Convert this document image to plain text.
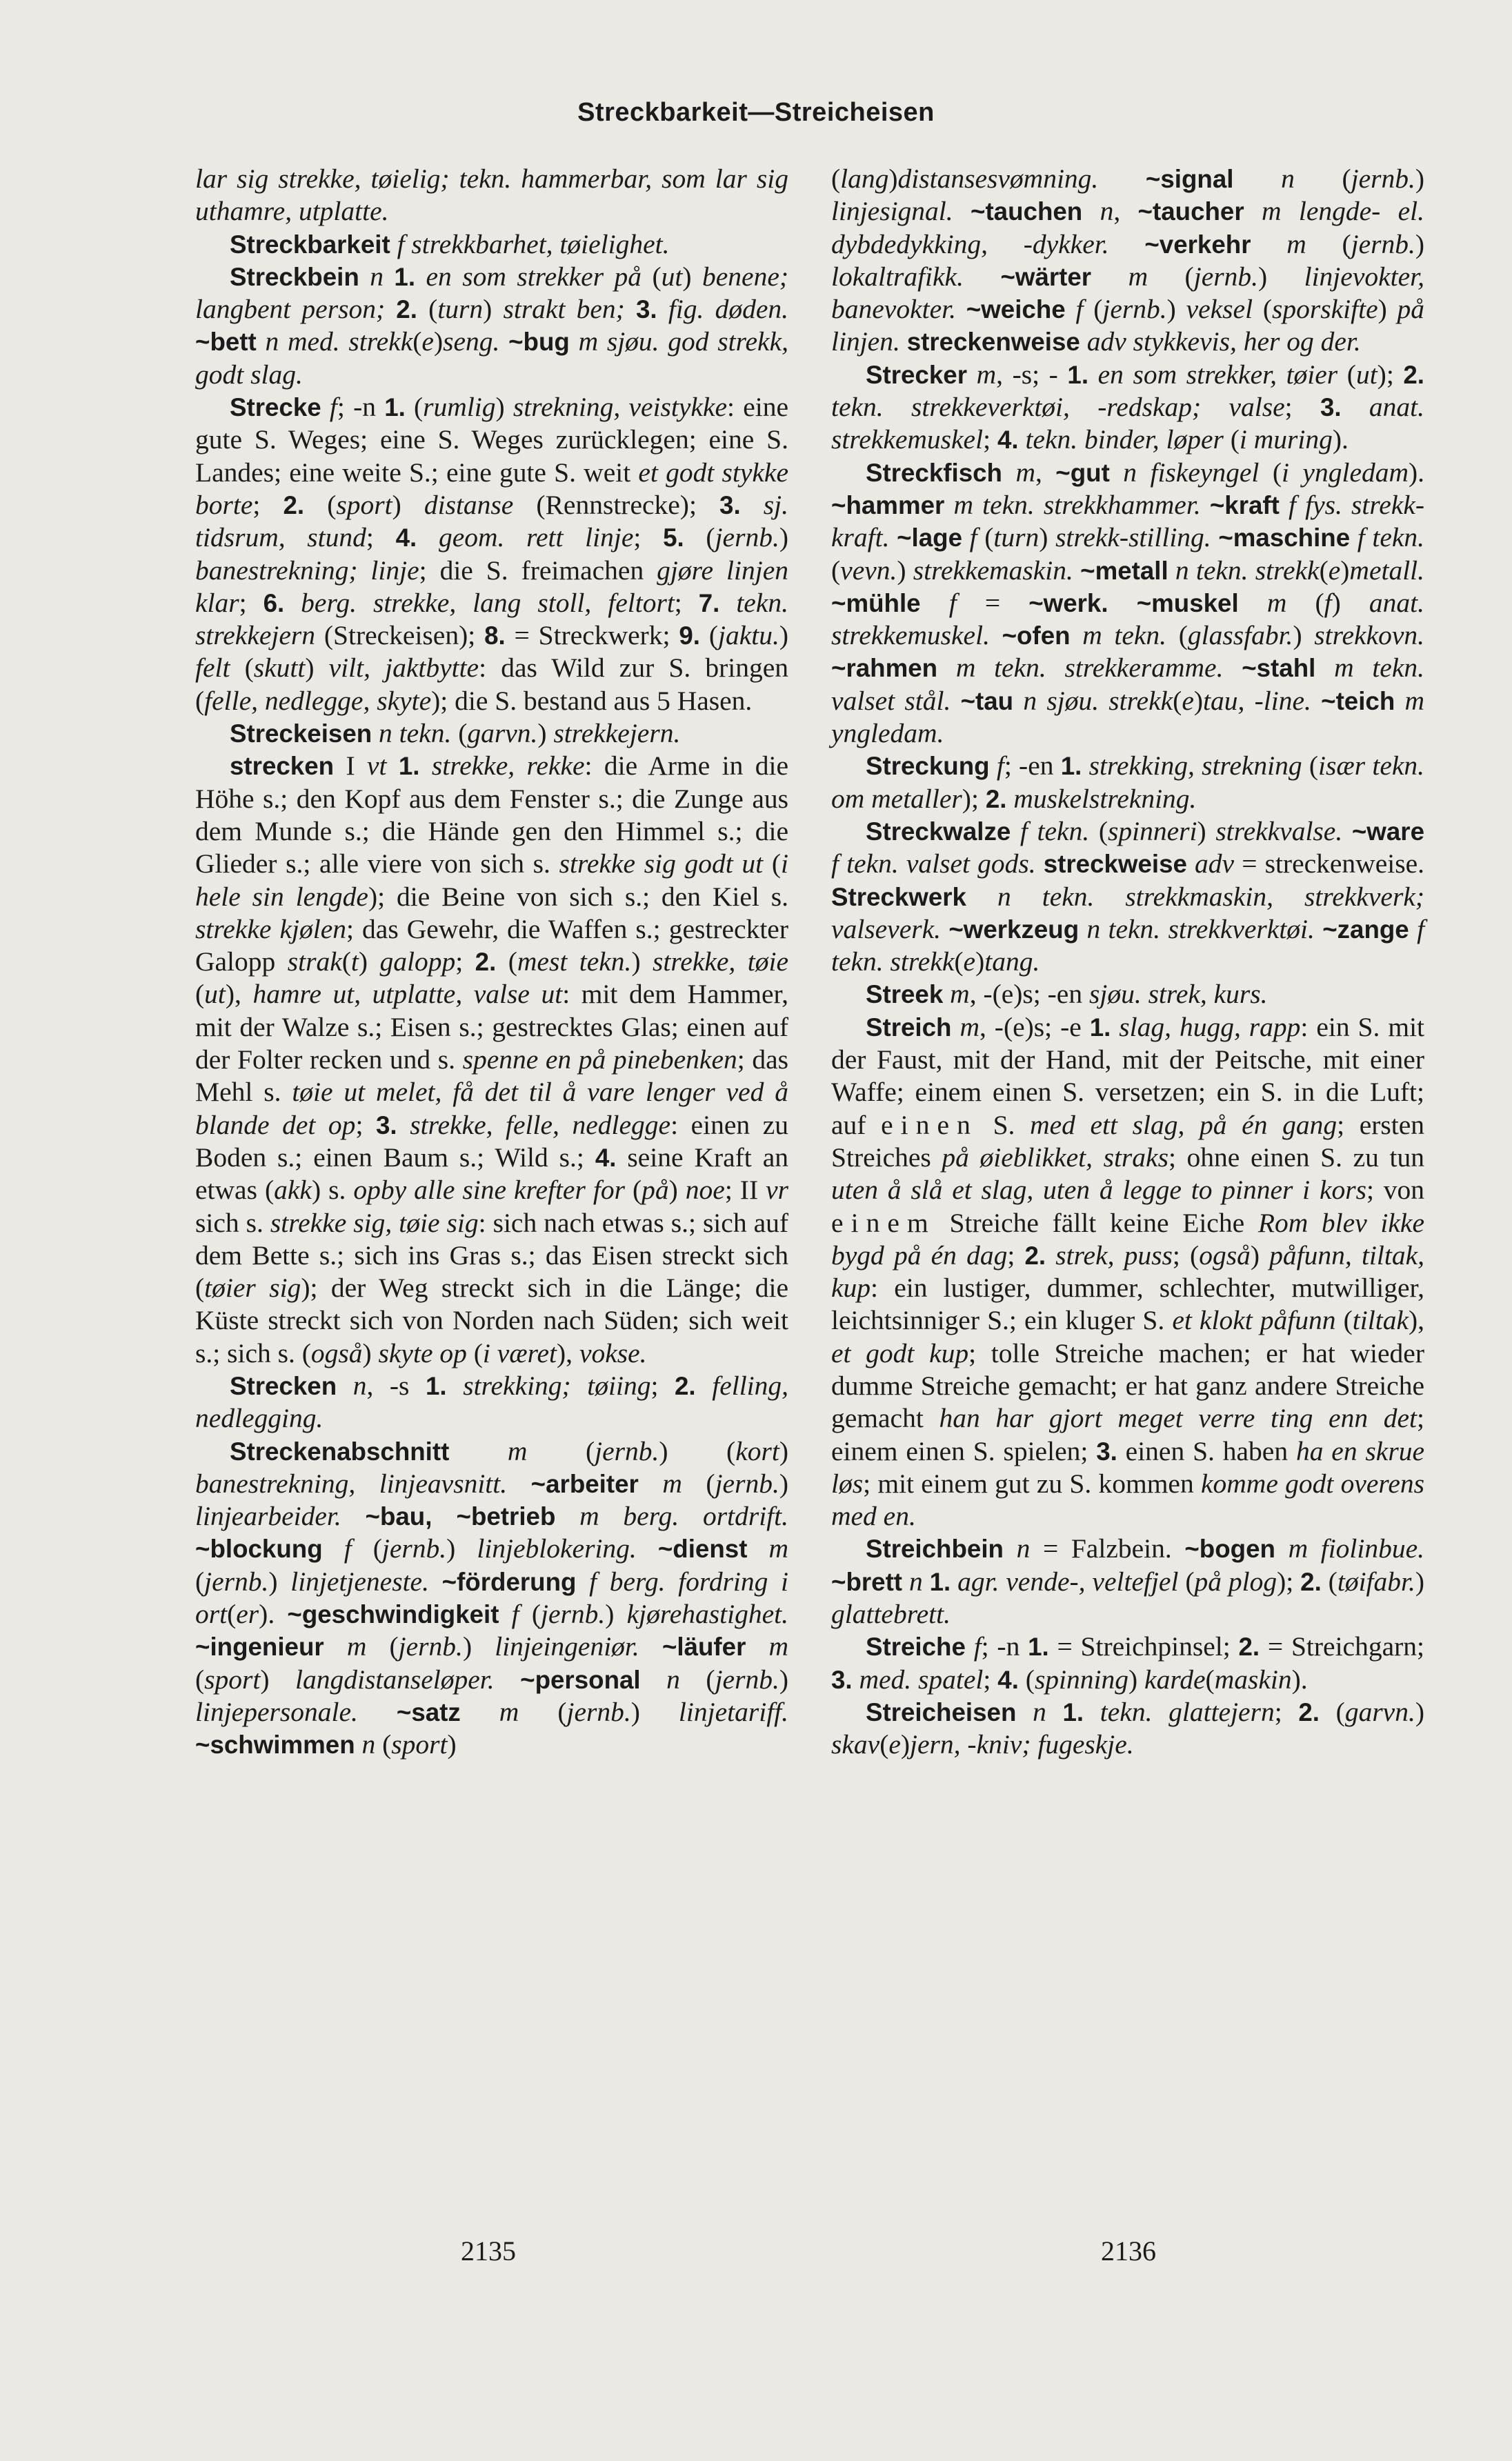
Streckbarkeit—Streicheisen

lar sig strekke, tøielig; tekn. hammerbar, som lar sig uthamre, utplatte.

Streckbarkeit f strekkbarhet, tøielighet.

Streckbein n 1. en som strekker på (ut) benene; langbent person; 2. (turn) strakt ben; 3. fig. døden. ~bett n med. strekk(e)seng. ~bug m sjøu. god strekk, godt slag.

Strecke f; -n 1. (rumlig) strekning, veistykke: eine gute S. Weges; eine S. Weges zurücklegen; eine S. Landes; eine weite S.; eine gute S. weit et godt stykke borte; 2. (sport) distanse (Rennstrecke); 3. sj. tidsrum, stund; 4. geom. rett linje; 5. (jernb.) banestrekning; linje; die S. freimachen gjøre linjen klar; 6. berg. strekke, lang stoll, feltort; 7. tekn. strekkejern (Streckeisen); 8. = Streckwerk; 9. (jaktu.) felt (skutt) vilt, jaktbytte: das Wild zur S. bringen (felle, nedlegge, skyte); die S. bestand aus 5 Hasen.

Streckeisen n tekn. (garvn.) strekkejern.

strecken I vt 1. strekke, rekke: die Arme in die Höhe s.; den Kopf aus dem Fenster s.; die Zunge aus dem Munde s.; die Hände gen den Himmel s.; die Glieder s.; alle viere von sich s. strekke sig godt ut (i hele sin lengde); die Beine von sich s.; den Kiel s. strekke kjølen; das Gewehr, die Waffen s.; gestreckter Galopp strak(t) galopp; 2. (mest tekn.) strekke, tøie (ut), hamre ut, utplatte, valse ut: mit dem Hammer, mit der Walze s.; Eisen s.; gestrecktes Glas; einen auf der Folter recken und s. spenne en på pinebenken; das Mehl s. tøie ut melet, få det til å vare lenger ved å blande det op; 3. strekke, felle, nedlegge: einen zu Boden s.; einen Baum s.; Wild s.; 4. seine Kraft an etwas (akk) s. opby alle sine krefter for (på) noe; II vr sich s. strekke sig, tøie sig: sich nach etwas s.; sich auf dem Bette s.; sich ins Gras s.; das Eisen streckt sich (tøier sig); der Weg streckt sich in die Länge; die Küste streckt sich von Norden nach Süden; sich weit s.; sich s. (også) skyte op (i været), vokse.

Strecken n, -s 1. strekking; tøiing; 2. felling, nedlegging.

Streckenabschnitt m (jernb.) (kort) banestrekning, linjeavsnitt. ~arbeiter m (jernb.) linjearbeider. ~bau, ~betrieb m berg. ortdrift. ~blockung f (jernb.) linjeblokering. ~dienst m (jernb.) linjetjeneste. ~förderung f berg. fordring i ort(er). ~geschwindigkeit f (jernb.) kjørehastighet. ~ingenieur m (jernb.) linjeingeniør. ~läufer m (sport) langdistanseløper. ~personal n (jernb.) linjepersonale. ~satz m (jernb.) linjetariff. ~schwimmen n (sport)

(lang)distansesvømning. ~signal n (jernb.) linjesignal. ~tauchen n, ~taucher m lengde- el. dybdedykking, -dykker. ~verkehr m (jernb.) lokaltrafikk. ~wärter m (jernb.) linjevokter, banevokter. ~weiche f (jernb.) veksel (sporskifte) på linjen. streckenweise adv stykkevis, her og der.

Strecker m, -s; - 1. en som strekker, tøier (ut); 2. tekn. strekkeverktøi, -redskap; valse; 3. anat. strekkemuskel; 4. tekn. binder, løper (i muring).

Streckfisch m, ~gut n fiskeyngel (i yngledam). ~hammer m tekn. strekkhammer. ~kraft f fys. strekk-kraft. ~lage f (turn) strekk-stilling. ~maschine f tekn. (vevn.) strekkemaskin. ~metall n tekn. strekk(e)metall. ~mühle f = ~werk. ~muskel m (f) anat. strekkemuskel. ~ofen m tekn. (glassfabr.) strekkovn. ~rahmen m tekn. strekkeramme. ~stahl m tekn. valset stål. ~tau n sjøu. strekk(e)tau, -line. ~teich m yngledam.

Streckung f; -en 1. strekking, strekning (især tekn. om metaller); 2. muskelstrekning.

Streckwalze f tekn. (spinneri) strekkvalse. ~ware f tekn. valset gods. streckweise adv = streckenweise. Streckwerk n tekn. strekkmaskin, strekkverk; valseverk. ~werkzeug n tekn. strekkverktøi. ~zange f tekn. strekk(e)tang.

Streek m, -(e)s; -en sjøu. strek, kurs.

Streich m, -(e)s; -e 1. slag, hugg, rapp: ein S. mit der Faust, mit der Hand, mit der Peitsche, mit einer Waffe; einem einen S. versetzen; ein S. in die Luft; auf einen S. med ett slag, på én gang; ersten Streiches på øieblikket, straks; ohne einen S. zu tun uten å slå et slag, uten å legge to pinner i kors; von einem Streiche fällt keine Eiche Rom blev ikke bygd på én dag; 2. strek, puss; (også) påfunn, tiltak, kup: ein lustiger, dummer, schlechter, mutwilliger, leichtsinniger S.; ein kluger S. et klokt påfunn (tiltak), et godt kup; tolle Streiche machen; er hat wieder dumme Streiche gemacht; er hat ganz andere Streiche gemacht han har gjort meget verre ting enn det; einem einen S. spielen; 3. einen S. haben ha en skrue løs; mit einem gut zu S. kommen komme godt overens med en.

Streichbein n = Falzbein. ~bogen m fiolinbue. ~brett n 1. agr. vende-, veltefjel (på plog); 2. (tøifabr.) glattebrett.

Streiche f; -n 1. = Streichpinsel; 2. = Streichgarn; 3. med. spatel; 4. (spinning) karde(maskin).

Streicheisen n 1. tekn. glattejern; 2. (garvn.) skav(e)jern, -kniv; fugeskje.

2135	2136
